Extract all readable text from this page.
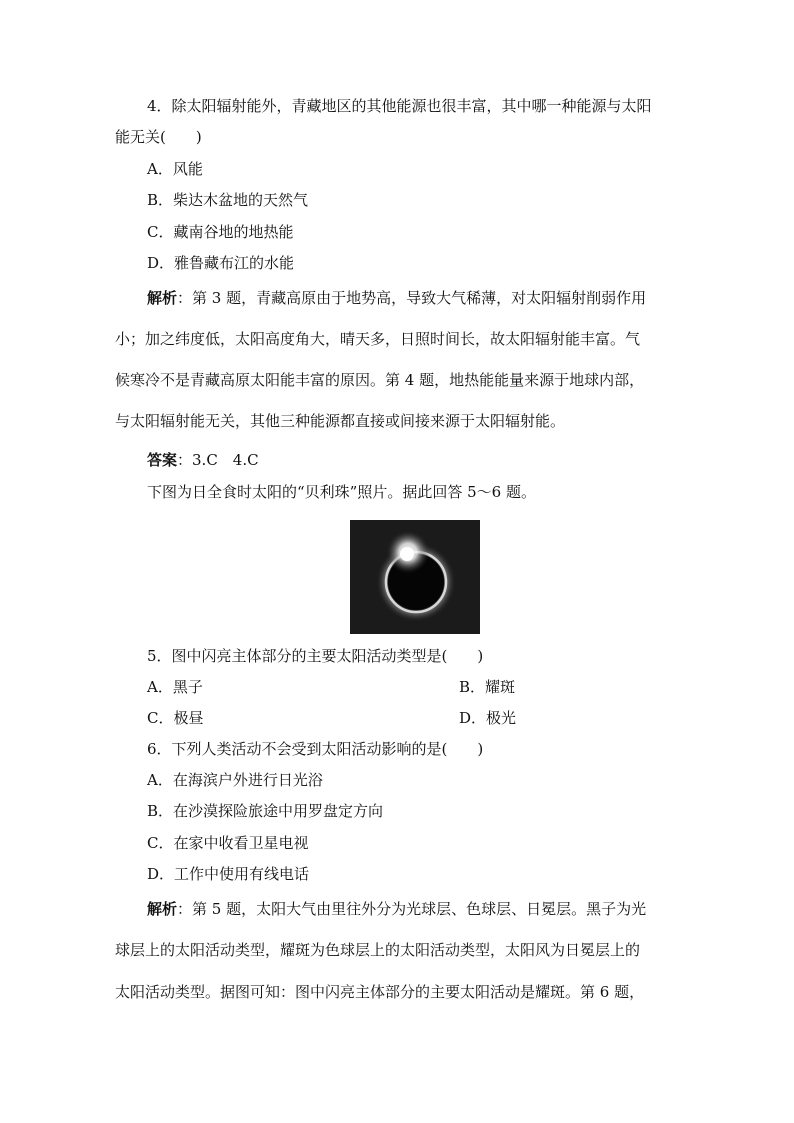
4．除太阳辐射能外，青藏地区的其他能源也很丰富，其中哪一种能源与太阳
能无关(　　)
A．风能
B．柴达木盆地的天然气
C．藏南谷地的地热能
D．雅鲁藏布江的水能
解析：第 3 题，青藏高原由于地势高，导致大气稀薄，对太阳辐射削弱作用
小；加之纬度低，太阳高度角大，晴天多，日照时间长，故太阳辐射能丰富。气
候寒冷不是青藏高原太阳能丰富的原因。第 4 题，地热能能量来源于地球内部，
与太阳辐射能无关，其他三种能源都直接或间接来源于太阳辐射能。
答案：3.C　4.C
下图为日全食时太阳的“贝利珠”照片。据此回答 5～6 题。
5．图中闪亮主体部分的主要太阳活动类型是(　　)
A．黑子	B．耀斑
C．极昼	D．极光
6．下列人类活动不会受到太阳活动影响的是(　　)
A．在海滨户外进行日光浴
B．在沙漠探险旅途中用罗盘定方向
C．在家中收看卫星电视
D．工作中使用有线电话
解析：第 5 题，太阳大气由里往外分为光球层、色球层、日冕层。黑子为光
球层上的太阳活动类型，耀斑为色球层上的太阳活动类型，太阳风为日冕层上的
太阳活动类型。据图可知：图中闪亮主体部分的主要太阳活动是耀斑。第 6 题，
